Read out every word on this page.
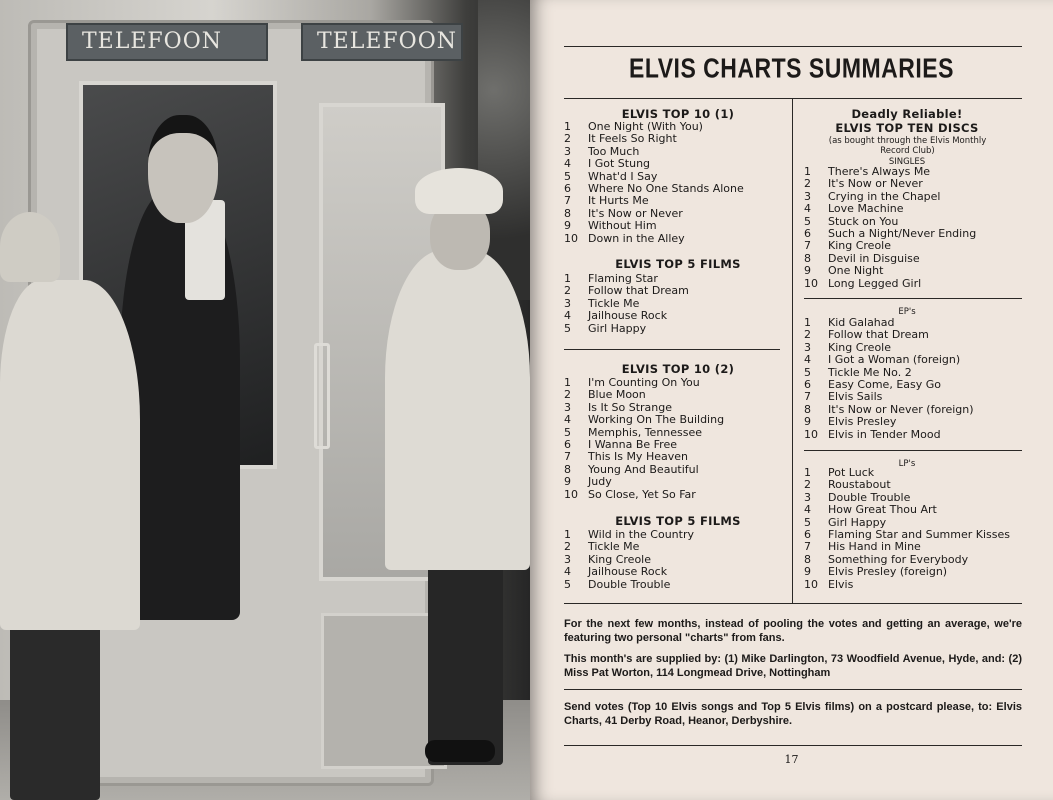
TELEFOON	TELEFOON
ELVIS CHARTS SUMMARIES
ELVIS TOP 10 (1)
1 One Night (With You)
2 It Feels So Right
3 Too Much
4 I Got Stung
5 What'd I Say
6 Where No One Stands Alone
7 It Hurts Me
8 It's Now or Never
9 Without Him
10 Down in the Alley
ELVIS TOP 5 FILMS
1 Flaming Star
2 Follow that Dream
3 Tickle Me
4 Jailhouse Rock
5 Girl Happy
ELVIS TOP 10 (2)
1 I'm Counting On You
2 Blue Moon
3 Is It So Strange
4 Working On The Building
5 Memphis, Tennessee
6 I Wanna Be Free
7 This Is My Heaven
8 Young And Beautiful
9 Judy
10 So Close, Yet So Far
ELVIS TOP 5 FILMS
1 Wild in the Country
2 Tickle Me
3 King Creole
4 Jailhouse Rock
5 Double Trouble
Deadly Reliable!
ELVIS TOP TEN DISCS
(as bought through the Elvis Monthly Record Club)
SINGLES
1 There's Always Me
2 It's Now or Never
3 Crying in the Chapel
4 Love Machine
5 Stuck on You
6 Such a Night/Never Ending
7 King Creole
8 Devil in Disguise
9 One Night
10 Long Legged Girl
EP's
1 Kid Galahad
2 Follow that Dream
3 King Creole
4 I Got a Woman (foreign)
5 Tickle Me No. 2
6 Easy Come, Easy Go
7 Elvis Sails
8 It's Now or Never (foreign)
9 Elvis Presley
10 Elvis in Tender Mood
LP's
1 Pot Luck
2 Roustabout
3 Double Trouble
4 How Great Thou Art
5 Girl Happy
6 Flaming Star and Summer Kisses
7 His Hand in Mine
8 Something for Everybody
9 Elvis Presley (foreign)
10 Elvis
For the next few months, instead of pooling the votes and getting an average, we're featuring two personal "charts" from fans.
This month's are supplied by: (1) Mike Darlington, 73 Woodfield Avenue, Hyde, and: (2) Miss Pat Worton, 114 Longmead Drive, Nottingham
Send votes (Top 10 Elvis songs and Top 5 Elvis films) on a postcard please, to: Elvis Charts, 41 Derby Road, Heanor, Derbyshire.
17
